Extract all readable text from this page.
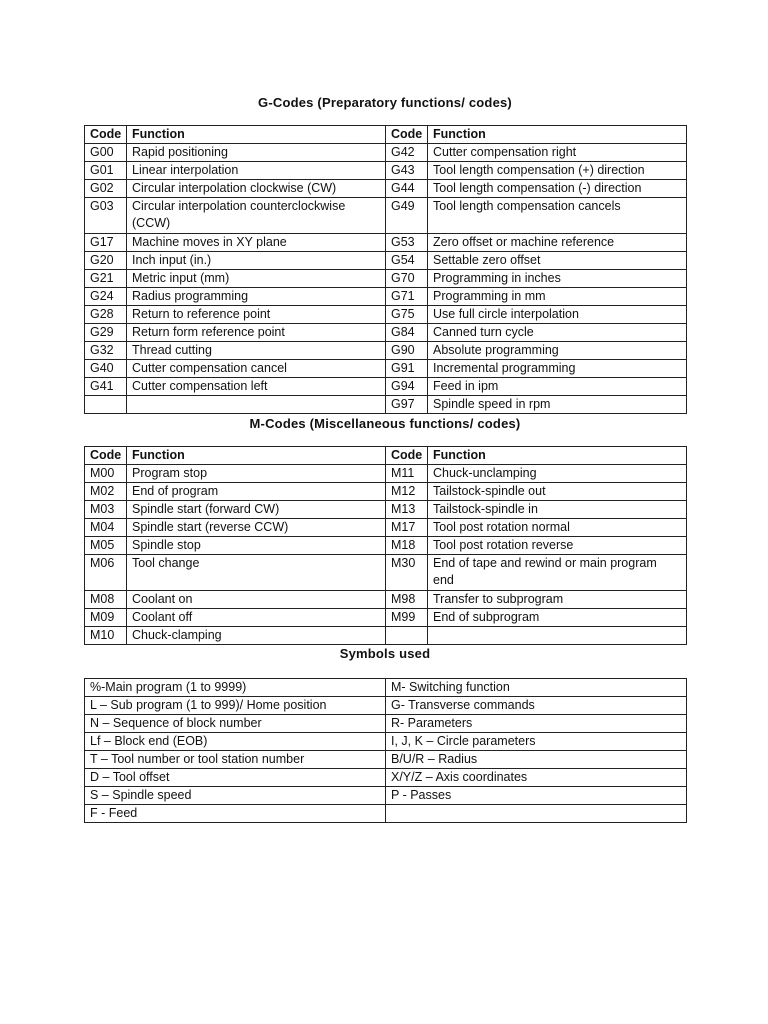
G-Codes (Preparatory functions/ codes)
Code	Function	Code	Function
G00	Rapid positioning	G42	Cutter compensation right
G01	Linear interpolation	G43	Tool length compensation (+) direction
G02	Circular interpolation clockwise (CW)	G44	Tool length compensation (-) direction
G03	Circular interpolation counterclockwise (CCW)	G49	Tool length compensation cancels
G17	Machine moves in XY plane	G53	Zero offset or machine reference
G20	Inch input (in.)	G54	Settable zero offset
G21	Metric input (mm)	G70	Programming in inches
G24	Radius programming	G71	Programming in mm
G28	Return to reference point	G75	Use full circle interpolation
G29	Return form reference point	G84	Canned turn cycle
G32	Thread cutting	G90	Absolute programming
G40	Cutter compensation cancel	G91	Incremental programming
G41	Cutter compensation left	G94	Feed in ipm
		G97	Spindle speed in rpm
M-Codes (Miscellaneous functions/ codes)
Code	Function	Code	Function
M00	Program stop	M11	Chuck-unclamping
M02	End of program	M12	Tailstock-spindle out
M03	Spindle start (forward CW)	M13	Tailstock-spindle in
M04	Spindle start (reverse CCW)	M17	Tool post rotation normal
M05	Spindle stop	M18	Tool post rotation reverse
M06	Tool change	M30	End of tape and rewind or main program end
M08	Coolant on	M98	Transfer to subprogram
M09	Coolant off	M99	End of subprogram
M10	Chuck-clamping		
Symbols used
%-Main program (1 to 9999)	M- Switching function
L – Sub program (1 to 999)/ Home position	G- Transverse commands
N – Sequence of block number	R- Parameters
Lf – Block end (EOB)	I, J, K – Circle parameters
T – Tool number or tool station number	B/U/R – Radius
D – Tool offset	X/Y/Z – Axis coordinates
S – Spindle speed	P - Passes
F - Feed	
